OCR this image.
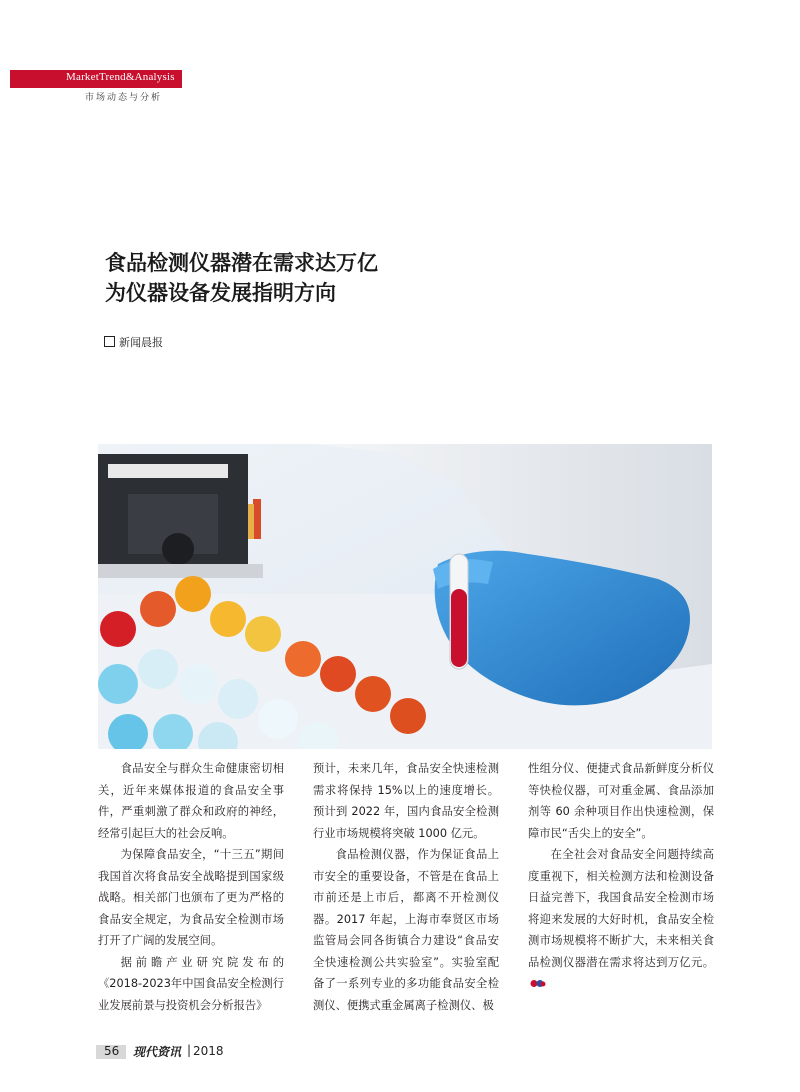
MarketTrend&Analysis
市场动态与分析
食品检测仪器潜在需求达万亿
为仪器设备发展指明方向
新闻晨报

食品安全与群众生命健康密切相关，近年来媒体报道的食品安全事件，严重刺激了群众和政府的神经，经常引起巨大的社会反响。

为保障食品安全，“十三五”期间我国首次将食品安全战略提到国家级战略。相关部门也颁布了更为严格的食品安全规定，为食品安全检测市场打开了广阔的发展空间。

据前瞻产业研究院发布的《2018-2023年中国食品安全检测行业发展前景与投资机会分析报告》

预计，未来几年，食品安全快速检测需求将保持 15%以上的速度增长。预计到 2022 年，国内食品安全检测行业市场规模将突破 1000 亿元。

食品检测仪器，作为保证食品上市安全的重要设备，不管是在食品上市前还是上市后，都离不开检测仪器。2017 年起，上海市奉贤区市场监管局会同各街镇合力建设“食品安全快速检测公共实验室”。实验室配备了一系列专业的多功能食品安全检测仪、便携式重金属离子检测仪、极

性组分仪、便捷式食品新鲜度分析仪等快检仪器，可对重金属、食品添加剂等 60 余种项目作出快速检测，保障市民“舌尖上的安全”。

在全社会对食品安全问题持续高度重视下，相关检测方法和检测设备日益完善下，我国食品安全检测市场将迎来发展的大好时机，食品安全检测市场规模将不断扩大，未来相关食品检测仪器潜在需求将达到万亿元。

56 现代资讯 | 2018
